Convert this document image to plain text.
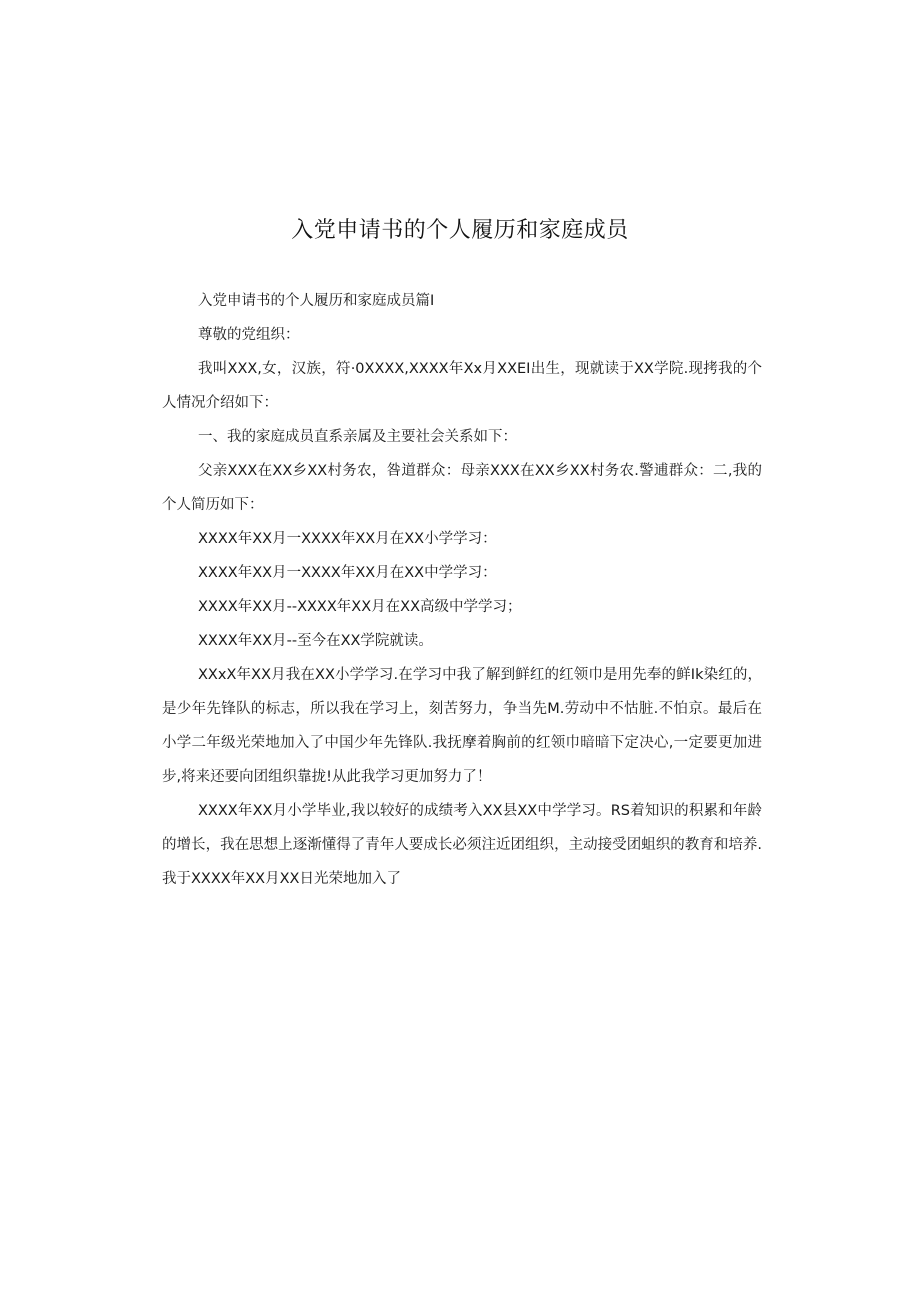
入党申请书的个人履历和家庭成员

入党申请书的个人履历和家庭成员篇I

尊敬的党组织：

我叫XXX,女，汉族，符·0XXXX,XXXX年Xx月XXEI出生，现就读于XX学院.现拷我的个人情况介绍如下：

一、我的家庭成员直系亲属及主要社会关系如下：

父亲XXX在XX乡XX村务农，咎道群众：母亲XXX在XX乡XX村务农.警逋群众：二,我的个人简历如下：

XXXX年XX月一XXXX年XX月在XX小学学习：

XXXX年XX月一XXXX年XX月在XX中学学习：

XXXX年XX月--XXXX年XX月在XX高级中学学习；

XXXX年XX月--至今在XX学院就读。

XXxX年XX月我在XX小学学习.在学习中我了解到鲜红的红领巾是用先奉的鲜Ik染红的，是少年先锋队的标志，所以我在学习上，刻苦努力，争当先M.劳动中不怙脏.不怕京。最后在小学二年级光荣地加入了中国少年先锋队.我抚摩着胸前的红领巾暗暗下定决心,一定要更加进步,将来还要向团组织靠拢!从此我学习更加努力了！

XXXX年XX月小学毕业,我以较好的成绩考入XX县XX中学学习。RS着知识的积累和年龄的增长，我在思想上逐渐懂得了青年人要成长必须注近团组织，主动接受团蛆织的教育和培养.我于XXXX年XX月XX日光荣地加入了
